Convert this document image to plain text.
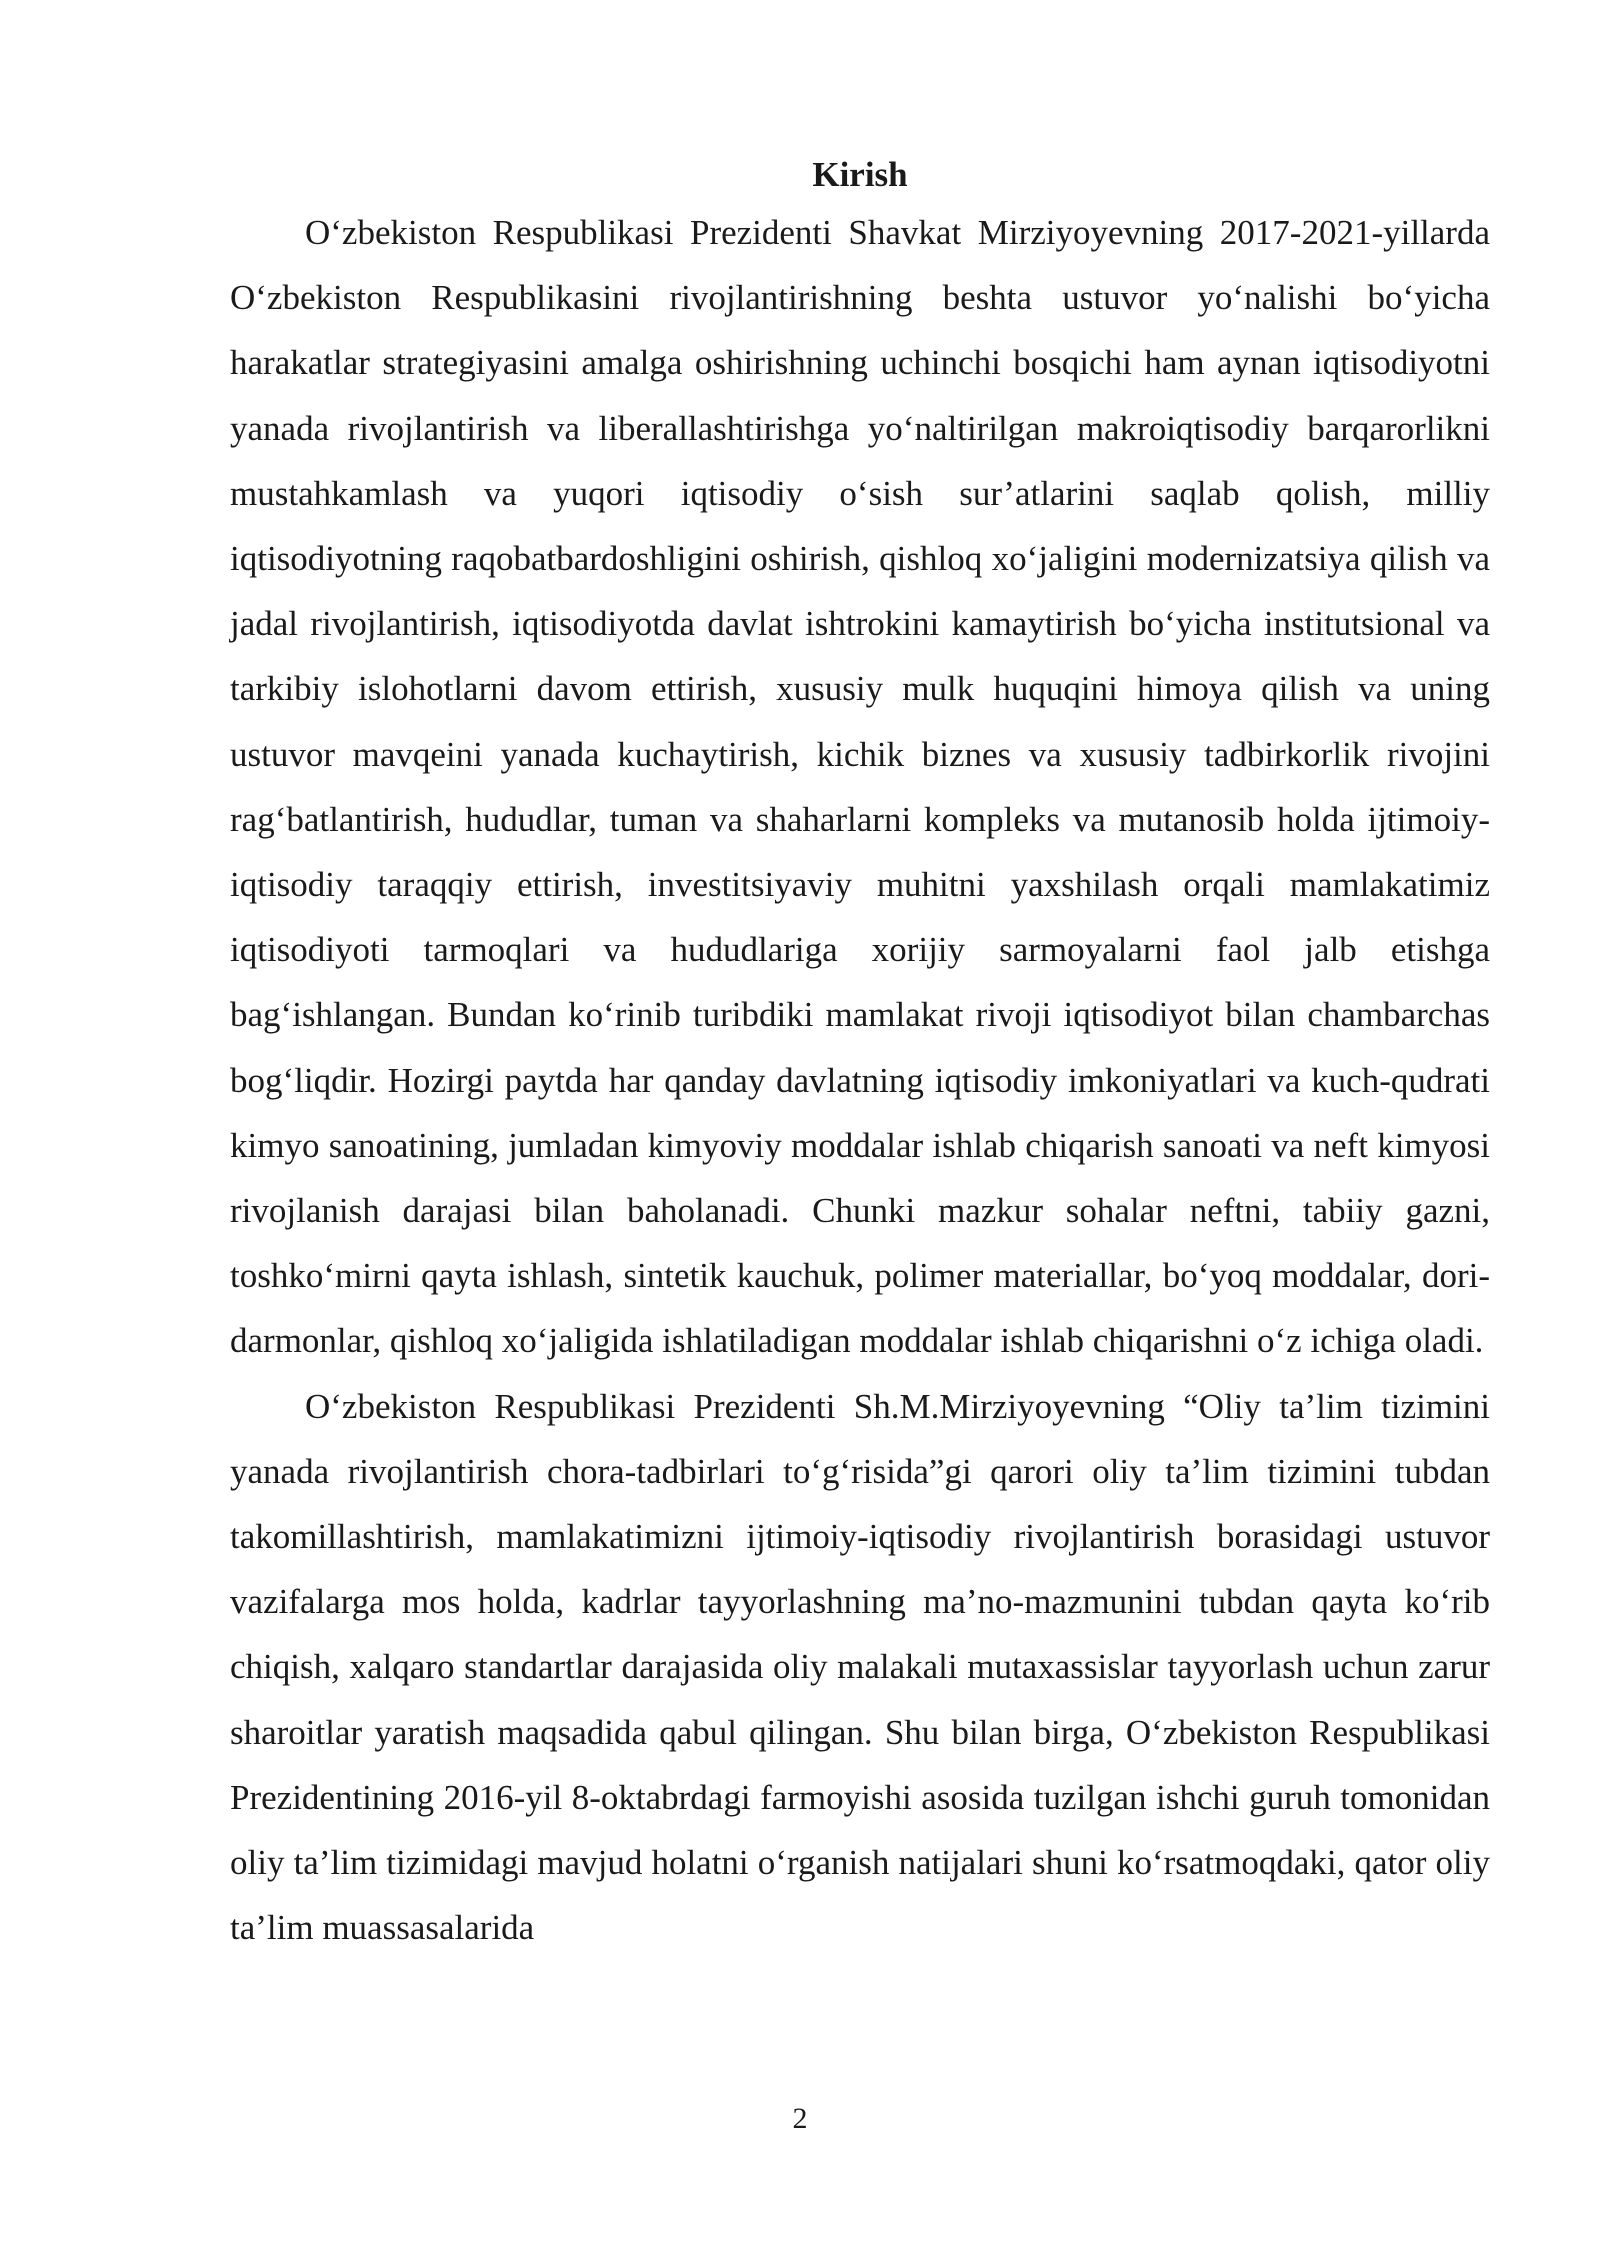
Kirish

O‘zbekiston Respublikasi Prezidenti Shavkat Mirziyoyevning 2017-2021-yillarda O‘zbekiston Respublikasini rivojlantirishning beshta ustuvor yo‘nalishi bo‘yicha harakatlar strategiyasini amalga oshirishning uchinchi bosqichi ham aynan iqtisodiyotni yanada rivojlantirish va liberallashtirishga yo‘naltirilgan makroiqtisodiy barqarorlikni mustahkamlash va yuqori iqtisodiy o‘sish sur’atlarini saqlab qolish, milliy iqtisodiyotning raqobatbardoshligini oshirish, qishloq xo‘jaligini modernizatsiya qilish va jadal rivojlantirish, iqtisodiyotda davlat ishtrokini kamaytirish bo‘yicha institutsional va tarkibiy islohotlarni davom ettirish, xususiy mulk huquqini himoya qilish va uning ustuvor mavqeini yanada kuchaytirish, kichik biznes va xususiy tadbirkorlik rivojini rag‘batlantirish, hududlar, tuman va shaharlarni kompleks va mutanosib holda ijtimoiy-iqtisodiy taraqqiy ettirish, investitsiyaviy muhitni yaxshilash orqali mamlakatimiz iqtisodiyoti tarmoqlari va hududlariga xorijiy sarmoyalarni faol jalb etishga bag‘ishlangan. Bundan ko‘rinib turibdiki mamlakat rivoji iqtisodiyot bilan chambarchas bog‘liqdir. Hozirgi paytda har qanday davlatning iqtisodiy imkoniyatlari va kuch-qudrati kimyo sanoatining, jumladan kimyoviy moddalar ishlab chiqarish sanoati va neft kimyosi rivojlanish darajasi bilan baholanadi. Chunki mazkur sohalar neftni, tabiiy gazni, toshko‘mirni qayta ishlash, sintetik kauchuk, polimer materiallar, bo‘yoq moddalar, dori-darmonlar, qishloq xo‘jaligida ishlatiladigan moddalar ishlab chiqarishni o‘z ichiga oladi.

O‘zbekiston Respublikasi Prezidenti Sh.M.Mirziyoyevning “Oliy ta’lim tizimini yanada rivojlantirish chora-tadbirlari to‘g‘risida”gi qarori oliy ta’lim tizimini tubdan takomillashtirish, mamlakatimizni ijtimoiy-iqtisodiy rivojlantirish borasidagi ustuvor vazifalarga mos holda, kadrlar tayyorlashning ma’no-mazmunini tubdan qayta ko‘rib chiqish, xalqaro standartlar darajasida oliy malakali mutaxassislar tayyorlash uchun zarur sharoitlar yaratish maqsadida qabul qilingan. Shu bilan birga, O‘zbekiston Respublikasi Prezidentining 2016-yil 8-oktabrdagi farmoyishi asosida tuzilgan ishchi guruh tomonidan oliy ta’lim tizimidagi mavjud holatni o‘rganish natijalari shuni ko‘rsatmoqdaki, qator oliy ta’lim muassasalarida

2
